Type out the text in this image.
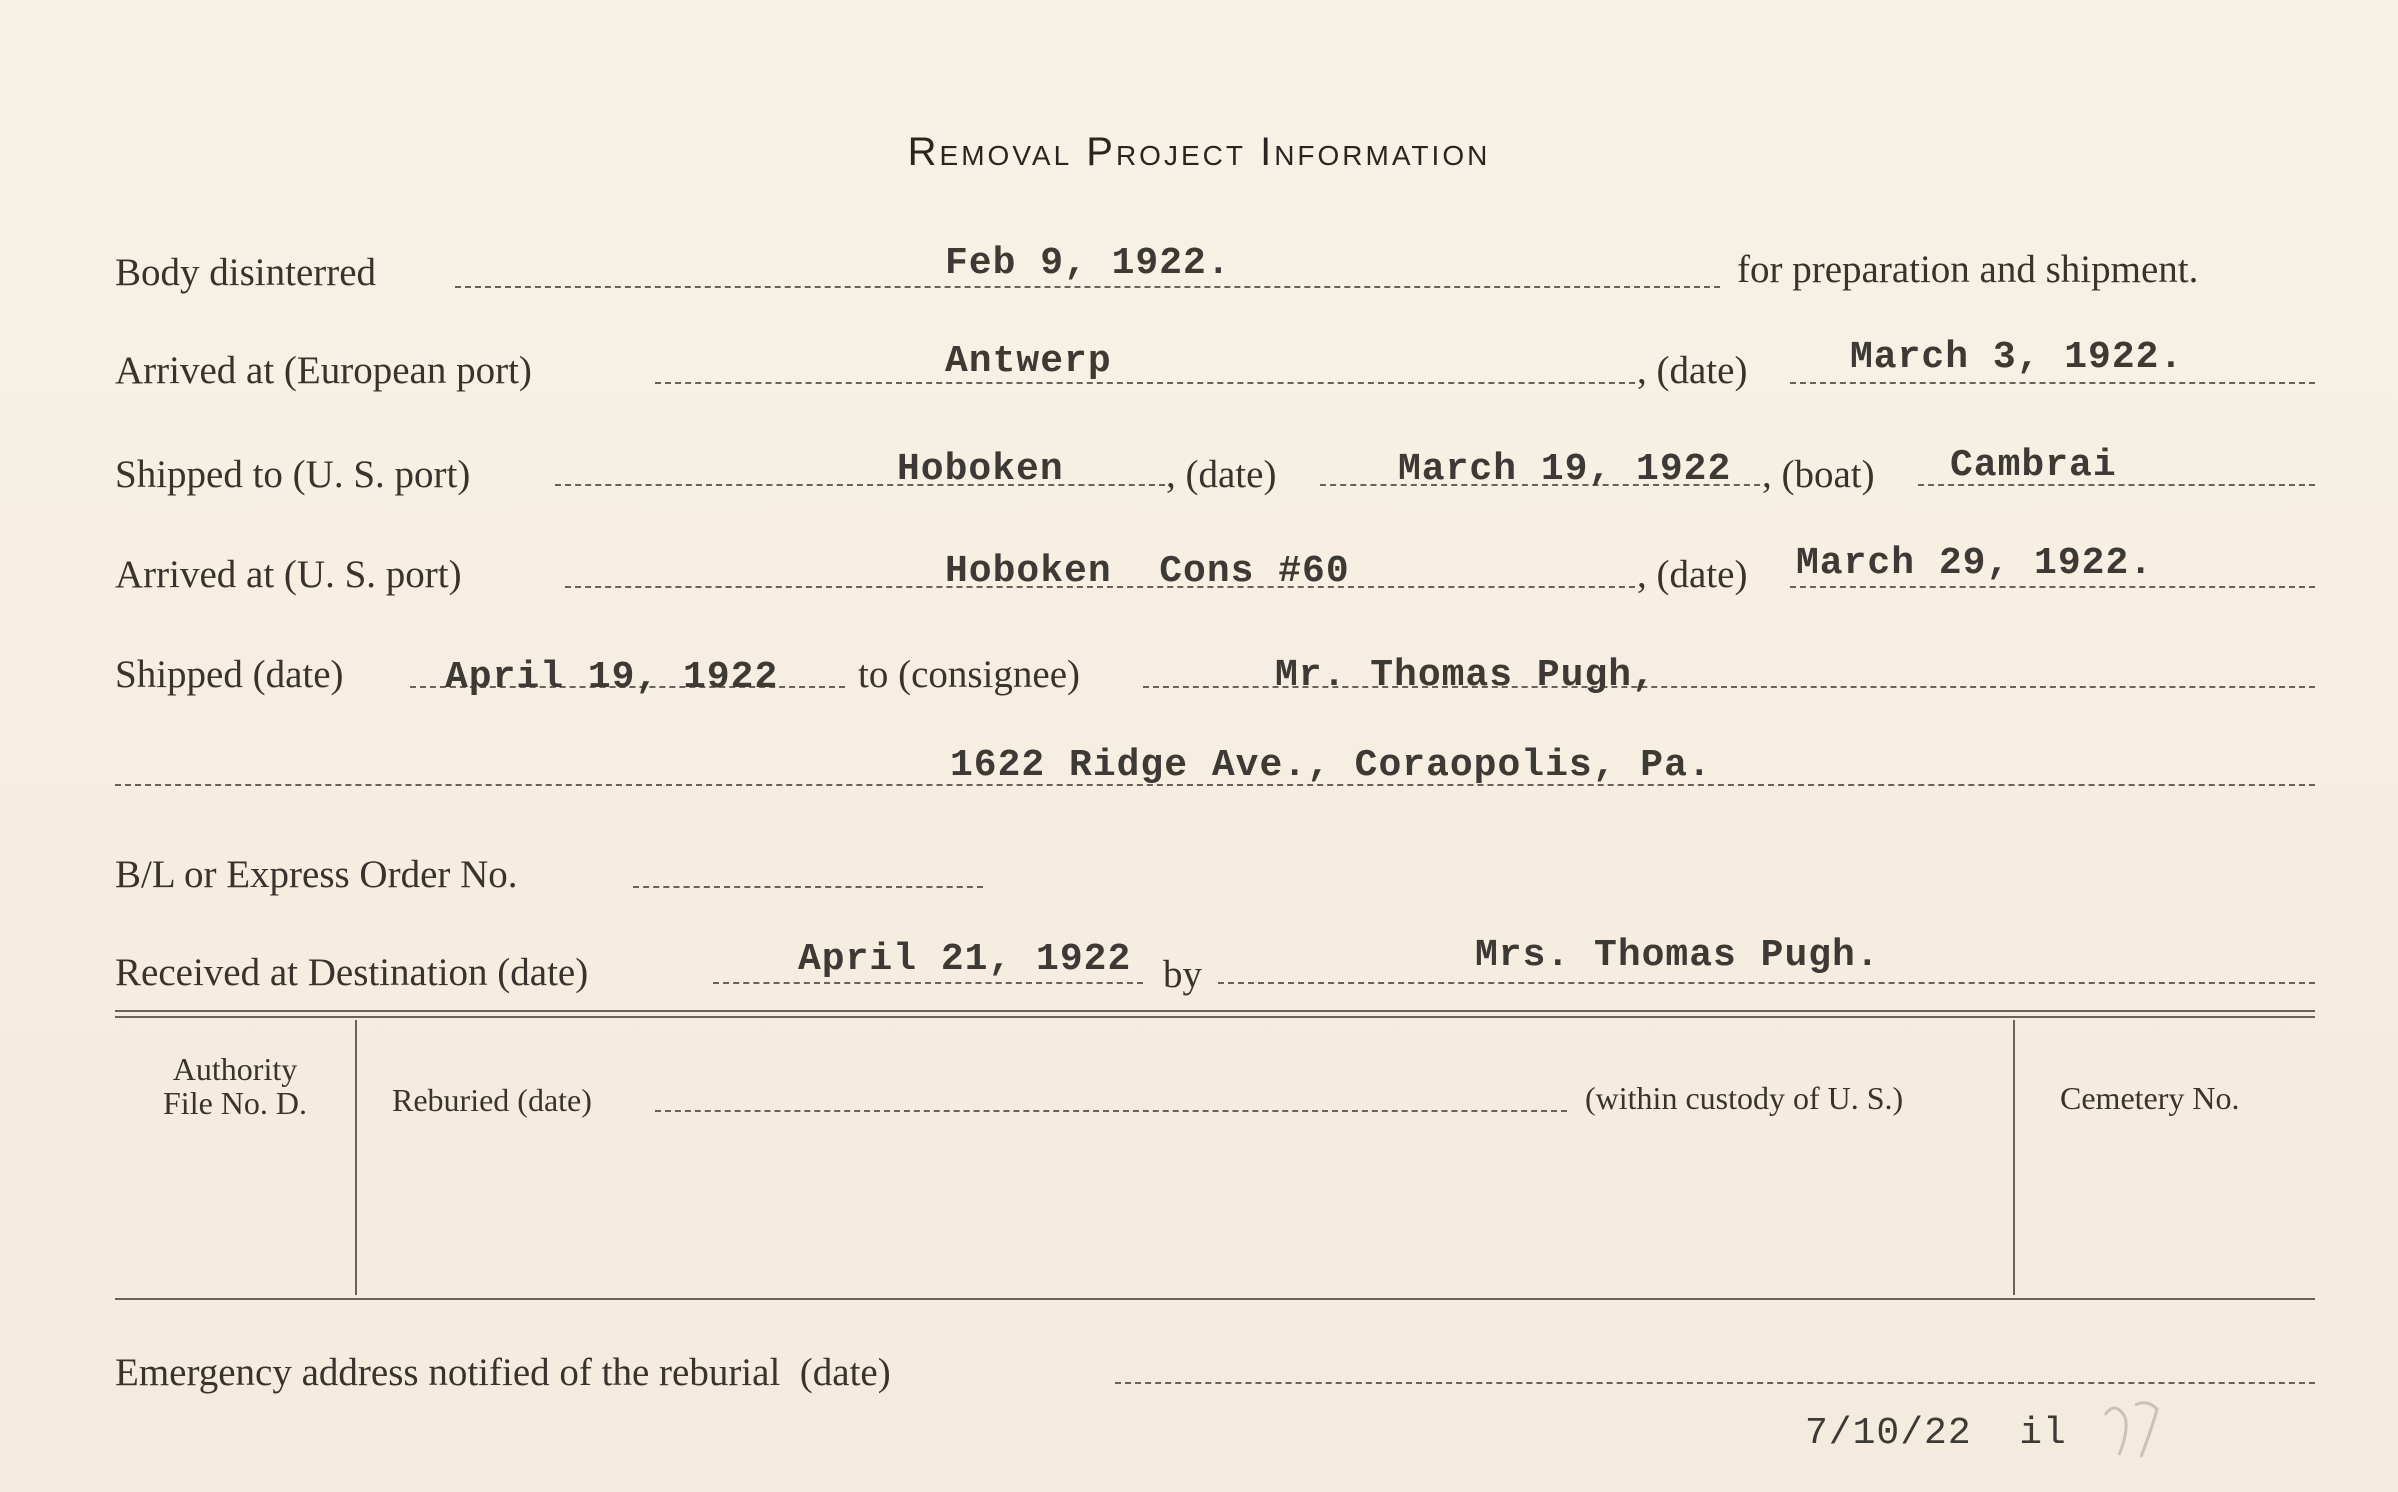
Removal Project Information
Body disinterred	Feb 9, 1922.	for preparation and shipment.
Arrived at (European port)	Antwerp	, (date)	March 3, 1922.
Shipped to (U. S. port)	Hoboken	, (date)	March 19, 1922 , (boat) Cambrai
Arrived at (U. S. port)	Hoboken  Cons #60	, (date) March 29, 1922.
Shipped (date)	April 19, 1922 to (consignee)	Mr. Thomas Pugh,
1622 Ridge Ave., Coraopolis, Pa.
B/L or Express Order No.
Received at Destination (date)	April 21, 1922 by	Mrs. Thomas Pugh.
Authority
File No. D.	Reburied (date)	(within custody of U. S.)	Cemetery No.
Emergency address notified of the reburial  (date)
7/10/22  il
